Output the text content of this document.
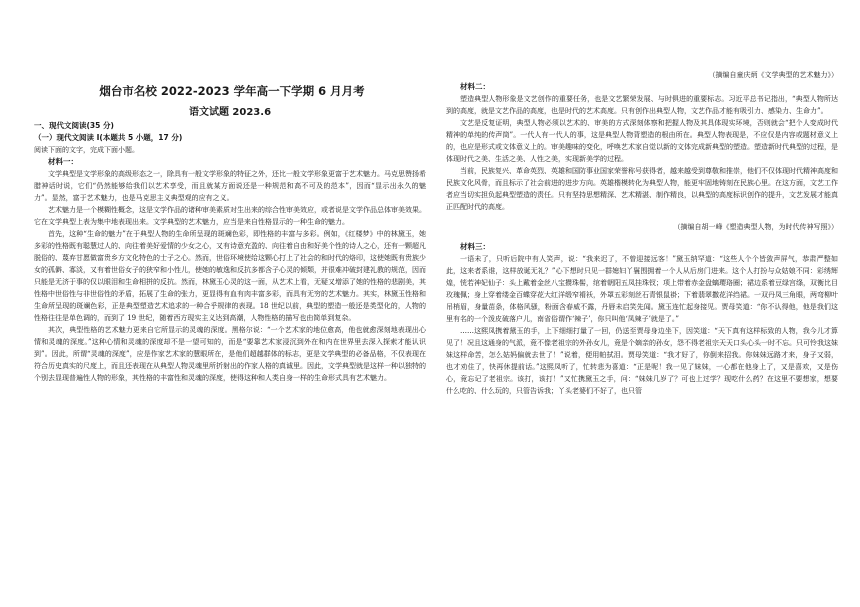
烟台市名校 2022-2023 学年高一下学期 6 月月考
语文试题 2023.6
一、现代文阅读(35 分)
（一）现代文阅读 I(本题共 5 小题，17 分)
阅读下面的文字，完成下面小题。
材料一：

文学典型是文学形象的高级形态之一，除具有一般文学形象的特征之外，还比一般文学形象更富于艺术魅力。马克思赞扬希腊神话时说，它们“仍然能够给我们以艺术享受，而且就某方面说还是一种规范和高不可及的范本”，因而“显示出永久的魅力”。显然，富于艺术魅力，也是马克思主义典型观的应有之义。

艺术魅力是一个模糊性概念，这是文学作品的诸种审美素质对生出来的综合性审美效应，或者说是文学作品总体审美效果。它在文学典型上表为集中地表现出来。文学典型的艺术魅力，应当是来自性格显示的一种生命的魅力。

首先，这种“生命的魅力”在于典型人物的生命所呈现的斑斓色彩，即性格的丰富与多彩。例如，《红楼梦》中的林黛玉，她多彩的性格既有聪慧过人的、向往着美好爱情的少女之心，又有诗意充盈的、向往着自由和好美个性的诗人之心，还有一颗超凡脱俗的、蔑弃甘愿做富贵乡方文化特色的士子之心。然而，世俗环境使给这颗心打上了社会的和时代的烙印，这使她既有贵族少女的孤僻、寡淡，又有着世俗女子的狭窄和小性儿，使她的敏逸和反抗多都含子心灵的倾颓，并很难冲破封建礼教的规范，因而只能是无济于事的仅以眼泪和生命相拼的反抗。然而，林黛玉心灵的这一面，从艺术上看，无疑又增添了她的性格的悲剧美，其性格中世俗性与非世俗性的矛盾，拓展了生命的张力，更显得有血有肉丰富多彩，而具有无穷的艺术魅力。其实，林黛玉性格和生命所呈现的斑斓色彩，正是典型塑造艺术追求的一种合乎规律的表现。18 世纪以前，典型的塑造一般还是类型化的，人物的性格往往是单色调的，而到了 19 世纪，随着西方现实主义达到高潮，人物性格的描写也由简单到复杂。

其次，典型性格的艺术魅力更来自它所显示的灵魂的深度。黑格尔说：“一个艺术家的地位愈高，他也就愈深刻地表现出心情和灵魂的深度。”这种心情和灵魂的深度却不是一望可知的，而是“要靠艺术家浸沉到外在和内在世界里去深入探索才能认识到”。因此，所谓“灵魂的深度”，应是作家艺术家的慧眼所在，是他们超越群体的标志，更是文学典型的必备品格，不仅表现在符合历史真实的尺度上，而且还表现在从典型人物灵魂里所折射出的作家人格的真诚里。因此，文学典型就是这样一种以独特的个别去显现普遍性人物的形象，其性格的丰富性和灵魂的深度，使得这种和人类自身一样的生命形式具有艺术魅力。

（摘编自童庆炳《文学典型的艺术魅力》）
材料二：

塑造典型人物形象是文艺创作的重要任务，也是文艺繁荣发展、与时俱进的重要标志。习近平总书记指出，“典型人物所达到的高度，就是文艺作品的高度，也是时代的艺术高度。只有创作出典型人物，文艺作品才能有吸引力、感染力、生命力”。

文艺是反复证明，典型人物必须以艺术的、审美的方式深刻体察和把握人物及其具体现实环境，否则就会“把个人变成时代精神的单纯的传声筒”。一代人有一代人的事，这是典型人物背塑造的根由所在。典型人物表现是，不应仅是内容或题材意义上的，也应是形式或文体意义上的。审美趣味的变化，呼唤艺术家自觉以新的文体完成新典型的塑造。塑造新时代典型的过程，是体现时代之美、生活之美、人性之美，实现新美学的过程。

当前，民族复兴、革命英烈、英雄和国防事业国家荣誉称号获得者，越来越受到尊敬和推崇，他们不仅体现时代精神高度和民族文化风骨，而且标示了社会前进的进步方向。英雄楷模转化为典型人物，能更牢固地铸刻在民族心里。在这方面，文艺工作者应当切实担负起典型塑造的责任。只有坚持思想精深、艺术精湛、制作精良，以典型的高度标识创作的提升，文艺发展才能真正匹配时代的高度。

（摘编自胡一峰《塑造典型人物，为时代传神写照》）
材料三：

一语未了，只听后院中有人笑声，说：“我来迟了，不曾迎接远客！”黛玉纳罕道：“这些人个个皆敛声屏气，恭肃严整如此，这来者系谁，这样放诞无礼？”心下想时只见一群媳妇丫鬟围拥着一个人从后房门进来。这个人打扮与众姑娘不同：彩绣辉煌，恍若神妃仙子：头上戴着金丝八宝攒珠髻，绾着朝阳五凤挂珠钗；项上带着赤金盘螭璎珞圈；裙边系着豆绿宫绦，双衡比目玫瑰佩；身上穿着缕金百蝶穿花大红洋缎窄褙袄，外罩五彩刻丝石青银鼠褂；下着翡翠撒花洋绉裙。一双丹凤三角眼，两弯柳叶吊梢眉，身量苗条，体格风骚，粉面含春威不露，丹唇未启笑先闻。黛玉连忙起身接见。贾母笑道：“你不认得他，他是我们这里有名的一个泼皮破落户儿，南省俗谓作‘辣子’，你只叫他‘凤辣子’就是了。”

……这熙凤携着黛玉的手，上下细细打量了一回，仍送至贾母身边坐下，因笑道：“天下真有这样标致的人物，我今儿才算见了！况且这通身的气派，竟不像老祖宗的外孙女儿，竟是个嫡亲的孙女，怨不得老祖宗天天口头心头一时不忘。只可怜我这妹妹这样命苦，怎么姑妈偏就去世了！”说着，便用帕拭泪。贾母笑道：“我才好了，你倒来招我。你妹妹远路才来，身子又弱，也才劝住了，快再休提前话。”这熙凤听了，忙转悲为喜道：“正是呢！我一见了妹妹，一心都在他身上了，又是喜欢，又是伤心，竟忘记了老祖宗。该打，该打！”又忙携黛玉之手，问：“妹妹几岁了？可也上过学？现吃什么药？在这里不要想家，想要什么吃的、什么玩的，只管告诉我；丫头老婆们不好了，也只管
